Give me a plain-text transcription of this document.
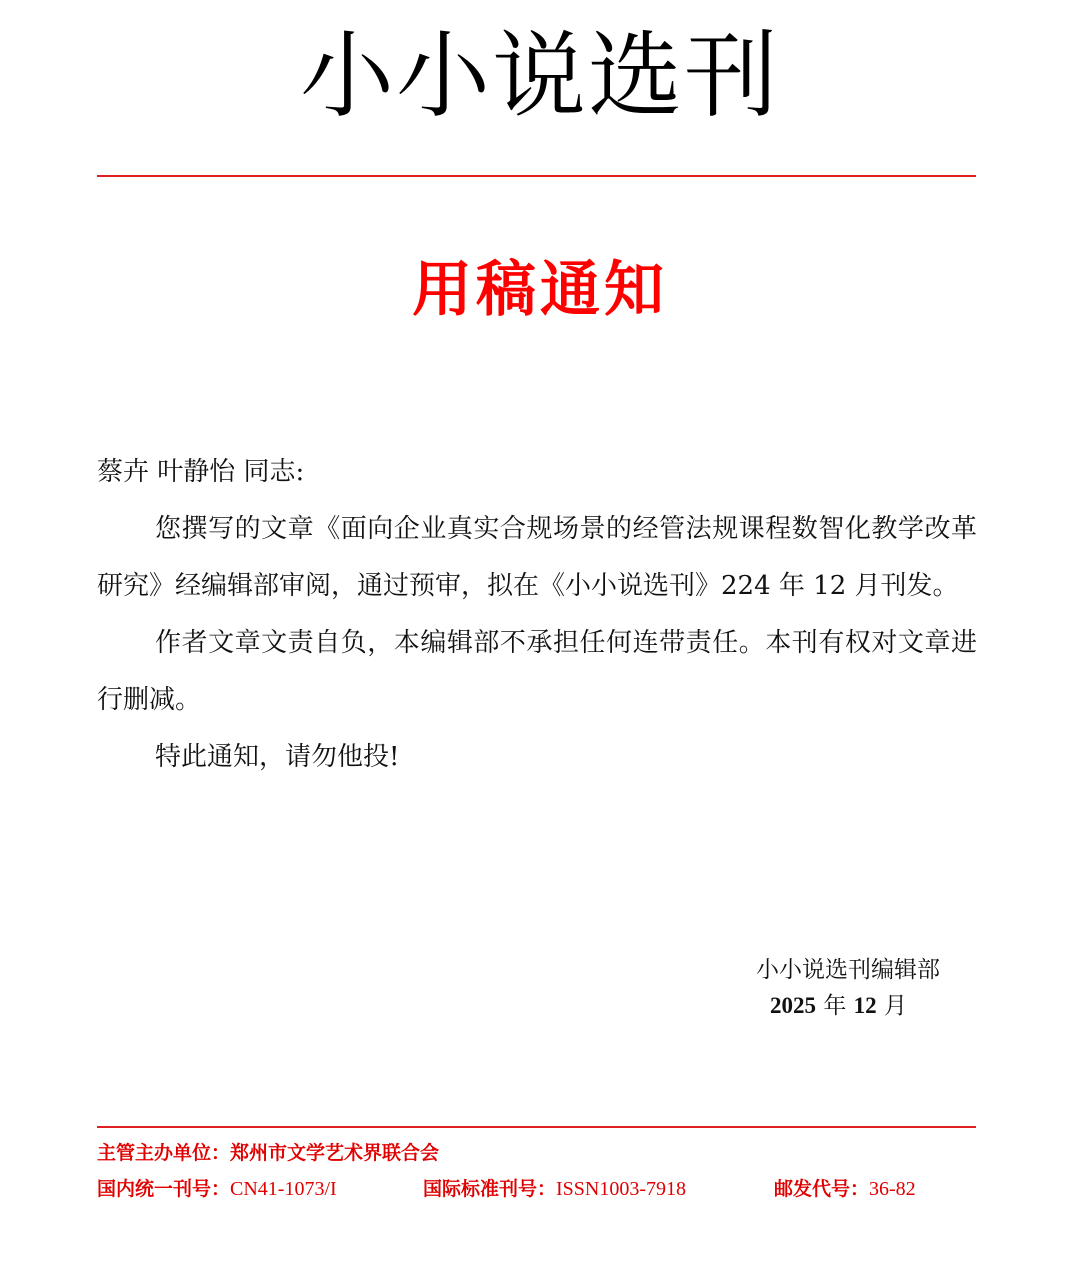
小小说选刊
用稿通知

蔡卉 叶静怡 同志:

您撰写的文章《面向企业真实合规场景的经管法规课程数智化教学改革研究》经编辑部审阅，通过预审，拟在《小小说选刊》224 年 12 月刊发。

作者文章文责自负，本编辑部不承担任何连带责任。本刊有权对文章进行删减。

特此通知，请勿他投!

小小说选刊编辑部
2025 年 12 月
主管主办单位：郑州市文学艺术界联合会
国内统一刊号：CN41-1073/I	国际标准刊号：ISSN1003-7918	邮发代号：36-82
